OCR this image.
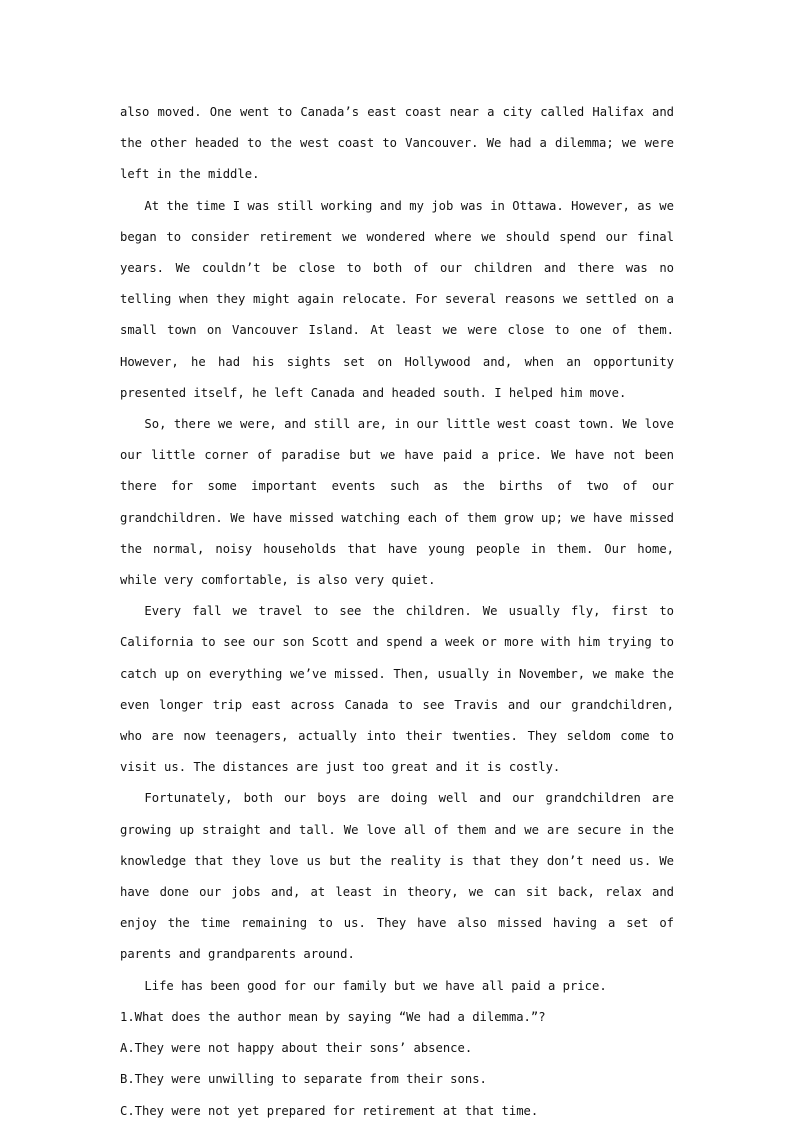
also moved. One went to Canada’s east coast near a city called Halifax and the other headed to the west coast to Vancouver. We had a dilemma; we were left in the middle.

At the time I was still working and my job was in Ottawa. However, as we began to consider retirement we wondered where we should spend our final years. We couldn’t be close to both of our children and there was no telling when they might again relocate. For several reasons we settled on a small town on Vancouver Island. At least we were close to one of them. However, he had his sights set on Hollywood and, when an opportunity presented itself, he left Canada and headed south. I helped him move.

So, there we were, and still are, in our little west coast town. We love our little corner of paradise but we have paid a price. We have not been there for some important events such as the births of two of our grandchildren. We have missed watching each of them grow up; we have missed the normal, noisy households that have young people in them. Our home, while very comfortable, is also very quiet.

Every fall we travel to see the children. We usually fly, first to California to see our son Scott and spend a week or more with him trying to catch up on everything we’ve missed. Then, usually in November, we make the even longer trip east across Canada to see Travis and our grandchildren, who are now teenagers, actually into their twenties. They seldom come to visit us. The distances are just too great and it is costly.

Fortunately, both our boys are doing well and our grandchildren are growing up straight and tall. We love all of them and we are secure in the knowledge that they love us but the reality is that they don’t need us. We have done our jobs and, at least in theory, we can sit back, relax and enjoy the time remaining to us. They have also missed having a set of parents and grandparents around.

Life has been good for our family but we have all paid a price.

1.What does the author mean by saying “We had a dilemma.”?

A.They were not happy about their sons’ absence.

B.They were unwilling to separate from their sons.

C.They were not yet prepared for retirement at that time.
